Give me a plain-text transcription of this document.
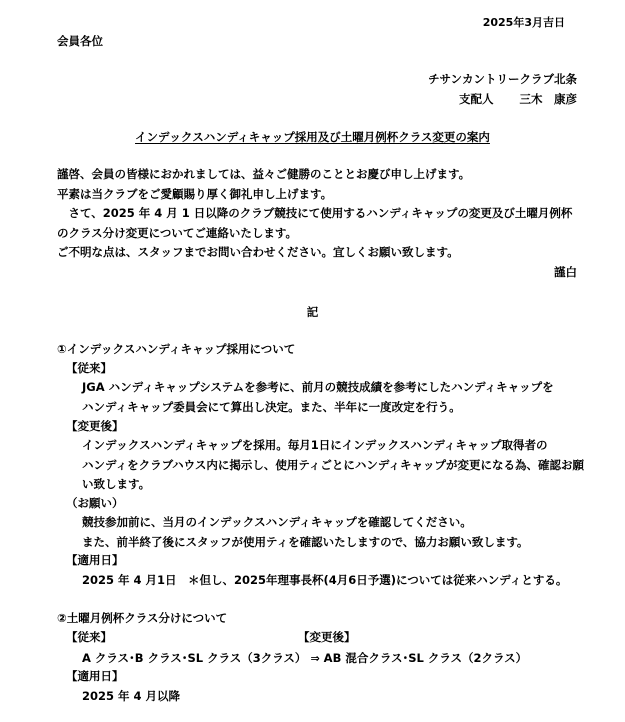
2025年3月吉日
会員各位
チサンカントリークラブ北条
支配人 三木　康彦
インデックスハンディキャップ採用及び土曜月例杯クラス変更の案内
謹啓、会員の皆様におかれましては、益々ご健勝のこととお慶び申し上げます。
平素は当クラブをご愛顧賜り厚く御礼申し上げます。
　さて、2025 年 4 月 1 日以降のクラブ競技にて使用するハンディキャップの変更及び土曜月例杯
のクラス分け変更についてご連絡いたします。
ご不明な点は、スタッフまでお問い合わせください。宜しくお願い致します。
謹白
記
①インデックスハンディキャップ採用について
【従来】
JGA ハンディキャップシステムを参考に、前月の競技成績を参考にしたハンディキャップを
ハンディキャップ委員会にて算出し決定。また、半年に一度改定を行う。
【変更後】
インデックスハンディキャップを採用。毎月1日にインデックスハンディキャップ取得者の
ハンディをクラブハウス内に掲示し、使用ティごとにハンディキャップが変更になる為、確認お願
い致します。
（お願い）
競技参加前に、当月のインデックスハンディキャップを確認してください。
また、前半終了後にスタッフが使用ティを確認いたしますので、協力お願い致します。
【適用日】
2025 年 4 月1日　＊但し、2025年理事長杯(4月6日予選)については従来ハンディとする。
②土曜月例杯クラス分けについて
【従来】	【変更後】
A クラス･B クラス･SL クラス（3クラス） ⇒ AB 混合クラス･SL クラス（2クラス）
【適用日】
2025 年 4 月以降
